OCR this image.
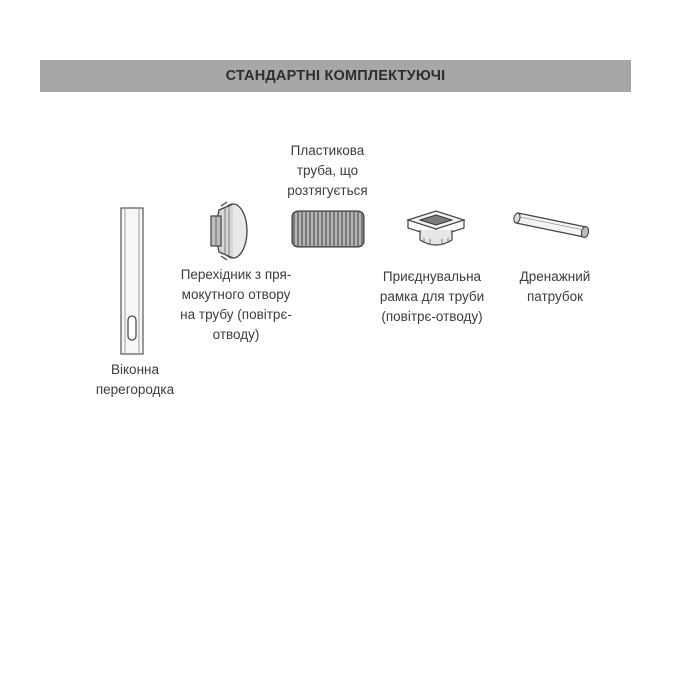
СТАНДАРТНІ КОМПЛЕКТУЮЧІ
Віконна
перегородка
Перехідник з пря-
мокутного отвору
на трубу (повітрє-
отводу)
Пластикова
труба, що
розтягується
Приєднувальна
рамка для труби
(повітрє-отводу)
Дренажний
патрубок
